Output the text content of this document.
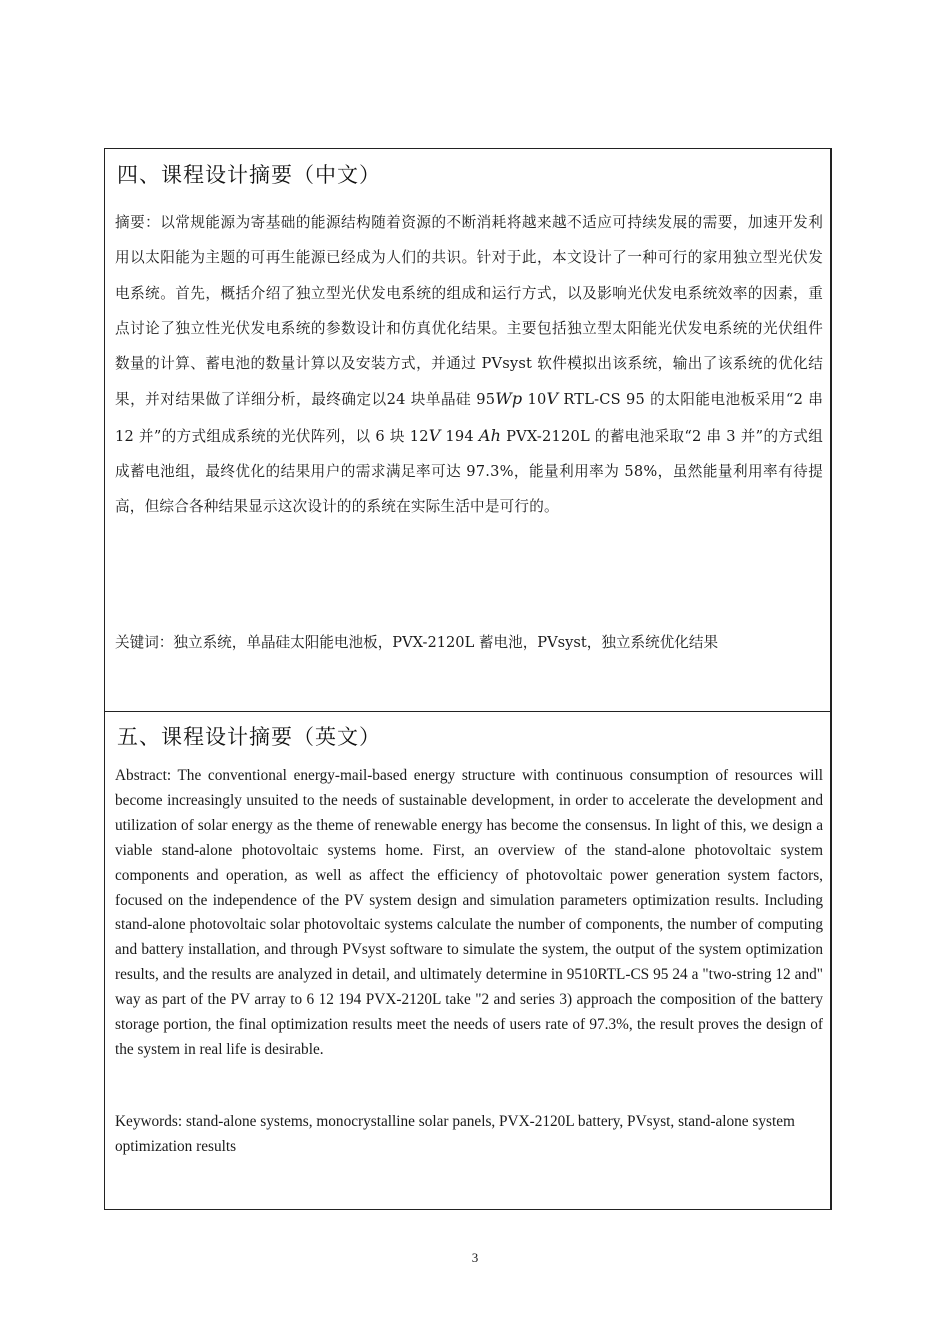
四、课程设计摘要（中文）

摘要：以常规能源为寄基础的能源结构随着资源的不断消耗将越来越不适应可持续发展的需要，加速开发利用以太阳能为主题的可再生能源已经成为人们的共识。针对于此，本文设计了一种可行的家用独立型光伏发电系统。首先，概括介绍了独立型光伏发电系统的组成和运行方式，以及影响光伏发电系统效率的因素，重点讨论了独立性光伏发电系统的参数设计和仿真优化结果。主要包括独立型太阳能光伏发电系统的光伏组件数量的计算、蓄电池的数量计算以及安装方式，并通过 PVsyst 软件模拟出该系统，输出了该系统的优化结果，并对结果做了详细分析，最终确定以24 块单晶硅 95Wp 10V RTL-CS 95 的太阳能电池板采用“2 串 12 并”的方式组成系统的光伏阵列，以 6 块 12V 194 Ah PVX-2120L 的蓄电池采取“2 串 3 并”的方式组成蓄电池组，最终优化的结果用户的需求满足率可达 97.3%，能量利用率为 58%，虽然能量利用率有待提高，但综合各种结果显示这次设计的的系统在实际生活中是可行的。

关键词：独立系统，单晶硅太阳能电池板，PVX-2120L 蓄电池，PVsyst，独立系统优化结果
五、课程设计摘要（英文）
Abstract: The conventional energy-mail-based energy structure with continuous consumption of resources will become increasingly unsuited to the needs of sustainable development, in order to accelerate the development and utilization of solar energy as the theme of renewable energy has become the consensus. In light of this, we design a viable stand-alone photovoltaic systems home. First, an overview of the stand-alone photovoltaic system components and operation, as well as affect the efficiency of photovoltaic power generation system factors, focused on the independence of the PV system design and simulation parameters optimization results. Including stand-alone photovoltaic solar photovoltaic systems calculate the number of components, the number of computing and battery installation, and through PVsyst software to simulate the system, the output of the system optimization results, and the results are analyzed in detail, and ultimately determine in 9510RTL-CS 95 24 a "two-string 12 and" way as part of the PV array to 6 12 194 PVX-2120L take "2 and series 3) approach the composition of the battery storage portion, the final optimization results meet the needs of users rate of 97.3%, the result proves the design of the system in real life is desirable.
Keywords: stand-alone systems, monocrystalline solar panels, PVX-2120L battery, PVsyst, stand-alone system optimization results
3
